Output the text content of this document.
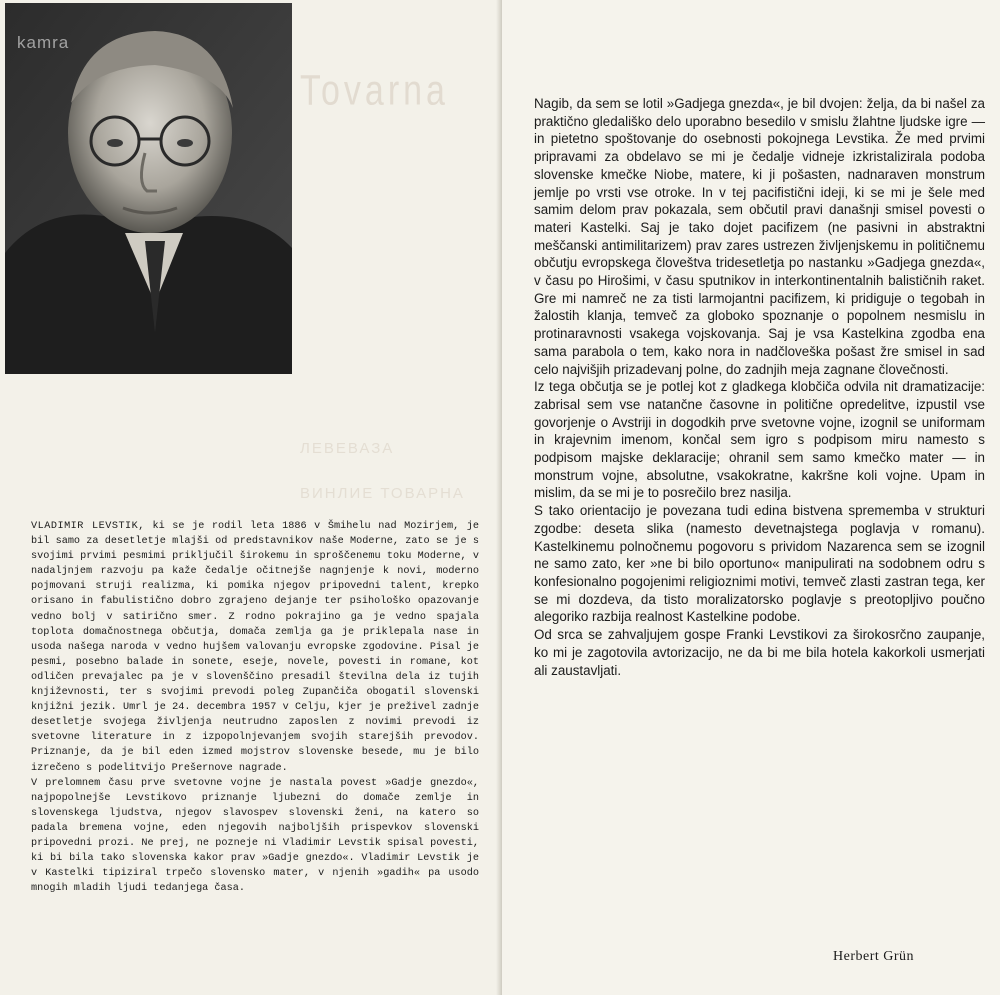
Tovarna
ЛЕВЕВАЗА
ВИНЛИЕ ТОВАРНА
kamra

VLADIMIR LEVSTIK, ki se je rodil leta 1886 v Šmihelu nad Mozirjem, je bil samo za desetletje mlajši od predstavnikov naše Moderne, zato se je s svojimi prvimi pesmimi priključil širokemu in sproščenemu toku Moderne, v nadaljnjem razvoju pa kaže čedalje očitnejše nagnjenje k novi, moderno pojmovani struji realizma, ki pomika njegov pripovedni talent, krepko orisano in fabulistično dobro zgrajeno dejanje ter psihološko opazovanje vedno bolj v satirično smer. Z rodno pokrajino ga je vedno spajala toplota domačnostnega občutja, domača zemlja ga je priklepala nase in usoda našega naroda v vedno hujšem valovanju evropske zgodovine. Pisal je pesmi, posebno balade in sonete, eseje, novele, povesti in romane, kot odličen prevajalec pa je v slovenščino presadil številna dela iz tujih književnosti, ter s svojimi prevodi poleg Zupančiča obogatil slovenski knjižni jezik. Umrl je 24. decembra 1957 v Celju, kjer je preživel zadnje desetletje svojega življenja neutrudno zaposlen z novimi prevodi iz svetovne literature in z izpopolnjevanjem svojih starejših prevodov. Priznanje, da je bil eden izmed mojstrov slovenske besede, mu je bilo izrečeno s podelitvijo Prešernove nagrade.

V prelomnem času prve svetovne vojne je nastala povest »Gadje gnezdo«, najpopolnejše Levstikovo priznanje ljubezni do domače zemlje in slovenskega ljudstva, njegov slavospev slovenski ženi, na katero so padala bremena vojne, eden njegovih najboljših prispevkov slovenski pripovedni prozi. Ne prej, ne pozneje ni Vladimir Levstik spisal povesti, ki bi bila tako slovenska kakor prav »Gadje gnezdo«. Vladimir Levstik je v Kastelki tipiziral trpečo slovensko mater, v njenih »gadih« pa usodo mnogih mladih ljudi tedanjega časa.

Nagib, da sem se lotil »Gadjega gnezda«, je bil dvojen: želja, da bi našel za praktično gledališko delo uporabno besedilo v smislu žlahtne ljudske igre — in pietetno spoštovanje do osebnosti pokojnega Levstika. Že med prvimi pripravami za obdelavo se mi je čedalje vidneje izkristalizirala podoba slovenske kmečke Niobe, matere, ki ji pošasten, nadnaraven monstrum jemlje po vrsti vse otroke. In v tej pacifistični ideji, ki se mi je šele med samim delom prav pokazala, sem občutil pravi današnji smisel povesti o materi Kastelki. Saj je tako dojet pacifizem (ne pasivni in abstraktni meščanski antimilitarizem) prav zares ustrezen življenjskemu in političnemu občutju evropskega človeštva tridesetletja po nastanku »Gadjega gnezda«, v času po Hirošimi, v času sputnikov in interkontinentalnih balističnih raket. Gre mi namreč ne za tisti larmojantni pacifizem, ki pridiguje o tegobah in žalostih klanja, temveč za globoko spoznanje o popolnem nesmislu in protinaravnosti vsakega vojskovanja. Saj je vsa Kastelkina zgodba ena sama parabola o tem, kako nora in nadčloveška pošast žre smisel in sad celo najvišjih prizadevanj polne, do zadnjih meja zagnane človečnosti.

Iz tega občutja se je potlej kot z gladkega klobčiča odvila nit dramatizacije: zabrisal sem vse natančne časovne in politične opredelitve, izpustil vse govorjenje o Avstriji in dogodkih prve svetovne vojne, izognil se uniformam in krajevnim imenom, končal sem igro s podpisom miru namesto s podpisom majske deklaracije; ohranil sem samo kmečko mater — in monstrum vojne, absolutne, vsakokratne, kakršne koli vojne. Upam in mislim, da se mi je to posrečilo brez nasilja.

S tako orientacijo je povezana tudi edina bistvena sprememba v strukturi zgodbe: deseta slika (namesto devetnajstega poglavja v romanu). Kastelkinemu polnočnemu pogovoru s prividom Nazarenca sem se izognil ne samo zato, ker »ne bi bilo oportuno« manipulirati na sodobnem odru s konfesionalno pogojenimi religioznimi motivi, temveč zlasti zastran tega, ker se mi dozdeva, da tisto moralizatorsko poglavje s preotopljivo poučno alegoriko razbija realnost Kastelkine podobe.

Od srca se zahvaljujem gospe Franki Levstikovi za širokosrčno zaupanje, ko mi je zagotovila avtorizacijo, ne da bi me bila hotela kakorkoli usmerjati ali zaustavljati.

Herbert Grün
